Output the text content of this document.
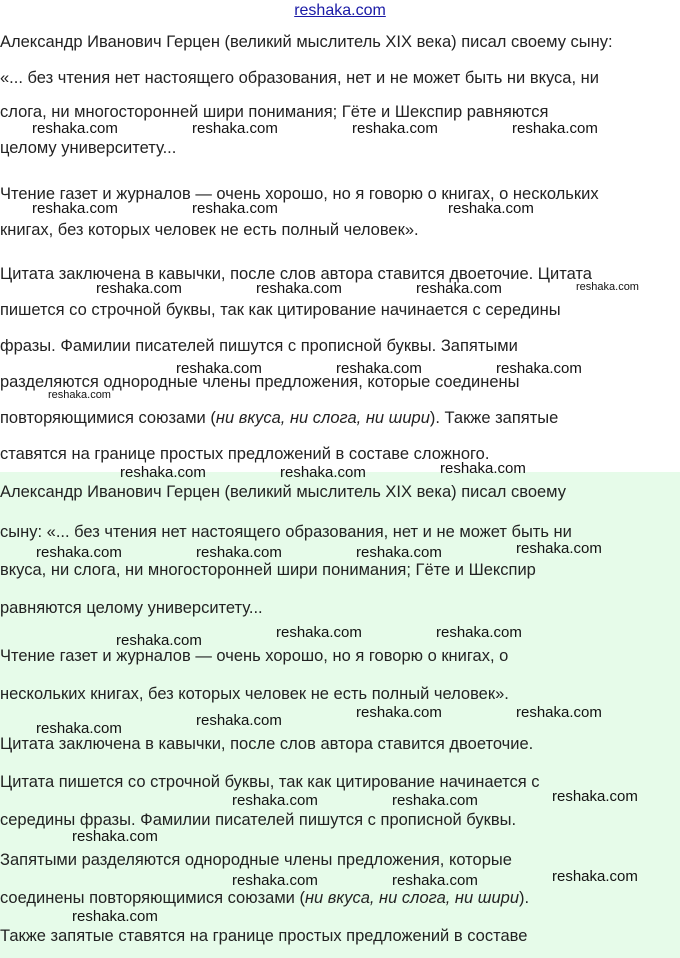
reshaka.com

Александр Иванович Герцен (великий мыслитель XIX века) писал своему сыну:

«... без чтения нет настоящего образования, нет и не может быть ни вкуса, ни

слога, ни многосторонней шири понимания; Гёте и Шекспир равняются

целому университету...

Чтение газет и журналов — очень хорошо, но я говорю о книгах, о нескольких

книгах, без которых человек не есть полный человек».

Цитата заключена в кавычки, после слов автора ставится двоеточие. Цитата

пишется со строчной буквы, так как цитирование начинается с середины

фразы. Фамилии писателей пишутся с прописной буквы. Запятыми

разделяются однородные члены предложения, которые соединены

повторяющимися союзами (ни вкуса, ни слога, ни шири). Также запятые

ставятся на границе простых предложений в составе сложного.

Александр Иванович Герцен (великий мыслитель XIX века) писал своему

сыну: «... без чтения нет настоящего образования, нет и не может быть ни

вкуса, ни слога, ни многосторонней шири понимания; Гёте и Шекспир

равняются целому университету...

Чтение газет и журналов — очень хорошо, но я говорю о книгах, о

нескольких книгах, без которых человек не есть полный человек».

Цитата заключена в кавычки, после слов автора ставится двоеточие.

Цитата пишется со строчной буквы, так как цитирование начинается с

середины фразы. Фамилии писателей пишутся с прописной буквы.

Запятыми разделяются однородные члены предложения, которые

соединены повторяющимися союзами (ни вкуса, ни слога, ни шири).

Также запятые ставятся на границе простых предложений в составе

reshaka.com	reshaka.com	reshaka.com	reshaka.com
reshaka.com	reshaka.com	reshaka.com
reshaka.com	reshaka.com	reshaka.com	reshaka.com
reshaka.com	reshaka.com	reshaka.com
reshaka.com
reshaka.com	reshaka.com	reshaka.com
reshaka.com	reshaka.com	reshaka.com	reshaka.com
reshaka.com	reshaka.com	reshaka.com
reshaka.com	reshaka.com	reshaka.com	reshaka.com
reshaka.com	reshaka.com	reshaka.com
reshaka.com
reshaka.com	reshaka.com	reshaka.com
reshaka.com
